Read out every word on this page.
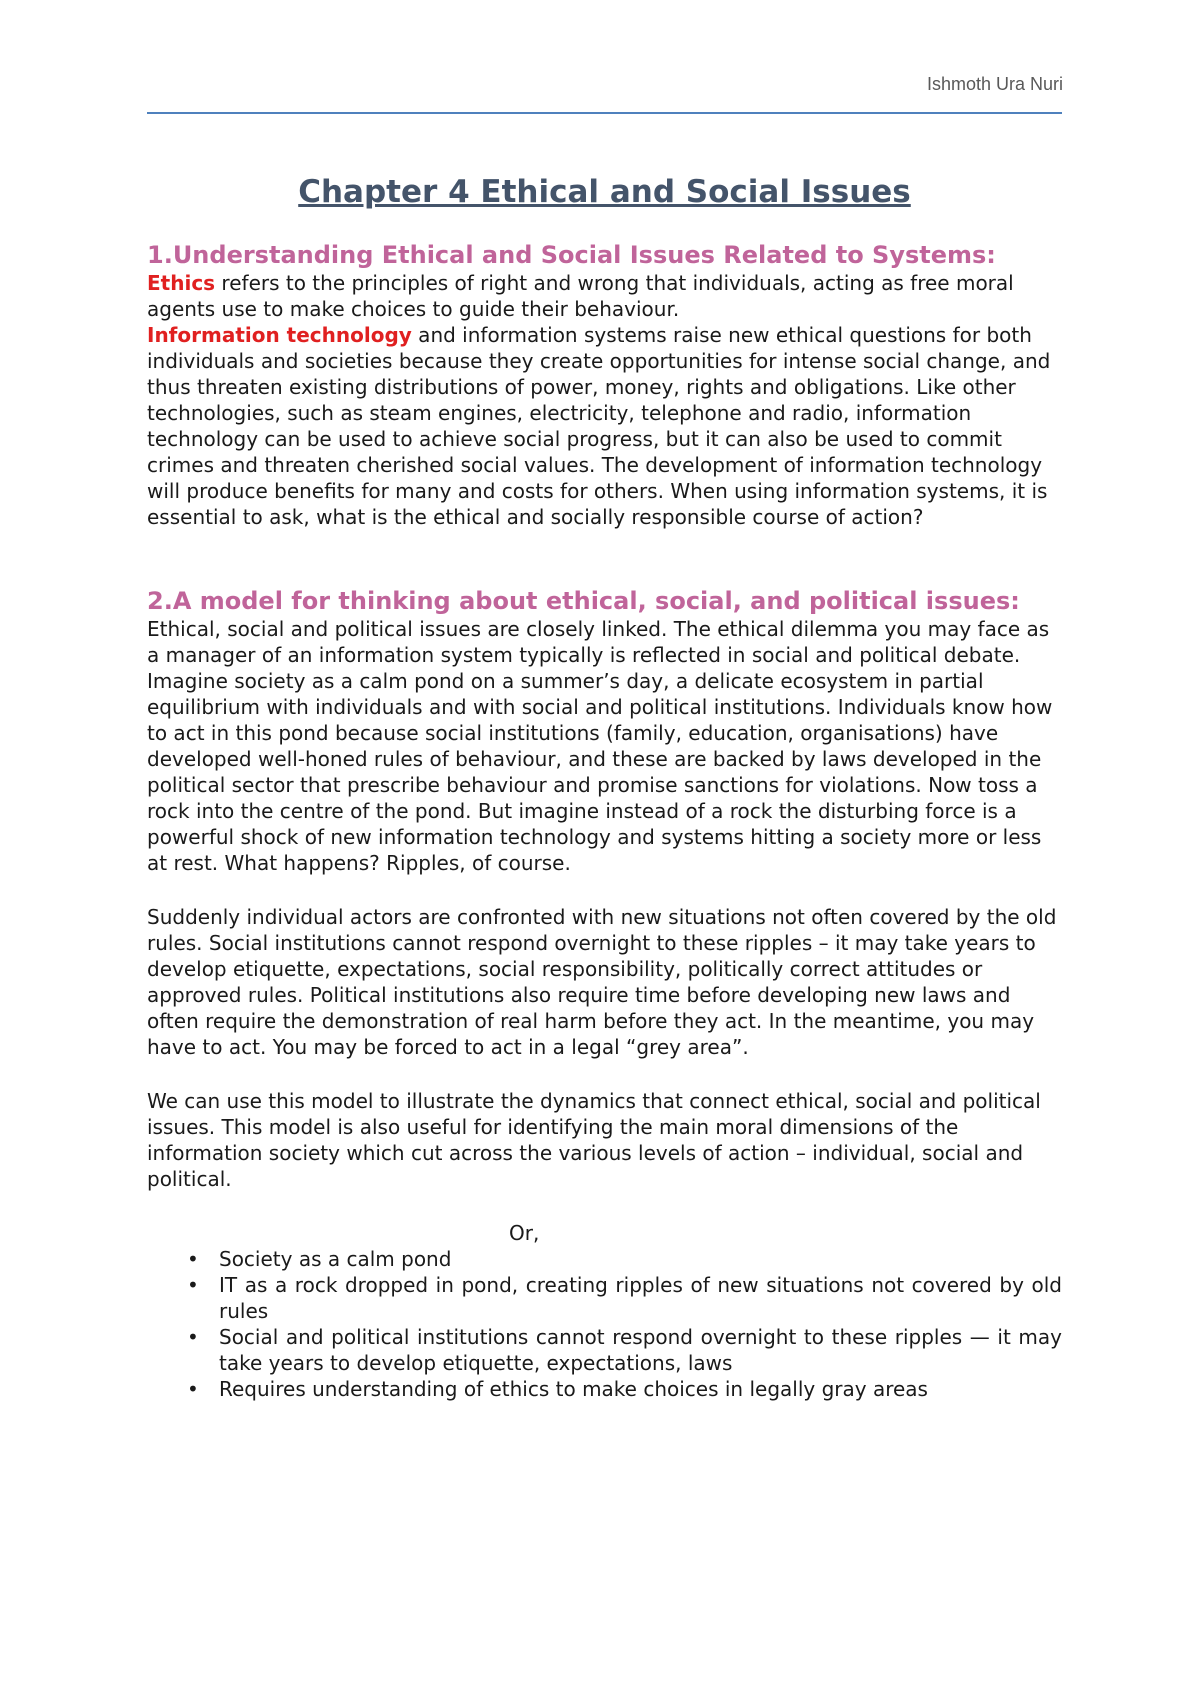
Ishmoth Ura Nuri
Chapter 4 Ethical and Social Issues
1.Understanding Ethical and Social Issues Related to Systems:

Ethics refers to the principles of right and wrong that individuals, acting as free moral agents use to make choices to guide their behaviour.

Information technology and information systems raise new ethical questions for both individuals and societies because they create opportunities for intense social change, and thus threaten existing distributions of power, money, rights and obligations. Like other technologies, such as steam engines, electricity, telephone and radio, information technology can be used to achieve social progress, but it can also be used to commit crimes and threaten cherished social values. The development of information technology will produce benefits for many and costs for others. When using information systems, it is essential to ask, what is the ethical and socially responsible course of action?

2.A model for thinking about ethical, social, and political issues:

Ethical, social and political issues are closely linked. The ethical dilemma you may face as a manager of an information system typically is reflected in social and political debate. Imagine society as a calm pond on a summer’s day, a delicate ecosystem in partial equilibrium with individuals and with social and political institutions. Individuals know how to act in this pond because social institutions (family, education, organisations) have developed well-honed rules of behaviour, and these are backed by laws developed in the political sector that prescribe behaviour and promise sanctions for violations. Now toss a rock into the centre of the pond. But imagine instead of a rock the disturbing force is a powerful shock of new information technology and systems hitting a society more or less at rest. What happens? Ripples, of course.

Suddenly individual actors are confronted with new situations not often covered by the old rules. Social institutions cannot respond overnight to these ripples – it may take years to develop etiquette, expectations, social responsibility, politically correct attitudes or approved rules. Political institutions also require time before developing new laws and often require the demonstration of real harm before they act. In the meantime, you may have to act. You may be forced to act in a legal “grey area”.

We can use this model to illustrate the dynamics that connect ethical, social and political issues. This model is also useful for identifying the main moral dimensions of the information society which cut across the various levels of action – individual, social and political.

Or,

• Society as a calm pond
• IT as a rock dropped in pond, creating ripples of new situations not covered by old rules
• Social and political institutions cannot respond overnight to these ripples — it may take years to develop etiquette, expectations, laws
• Requires understanding of ethics to make choices in legally gray areas
